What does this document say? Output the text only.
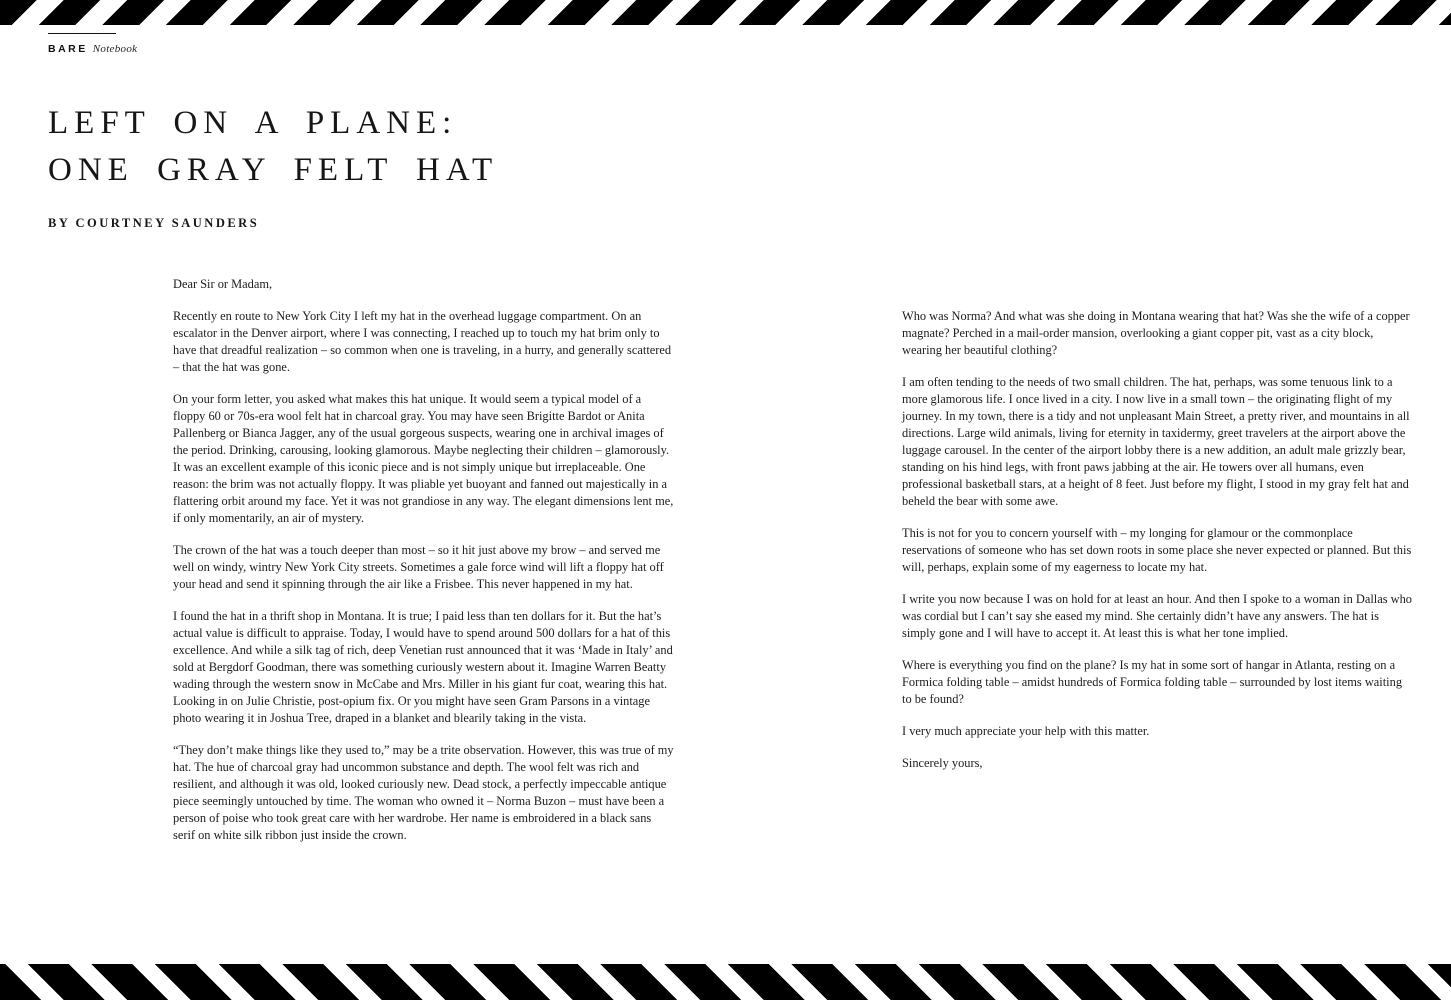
BARE Notebook
LEFT ON A PLANE:
ONE GRAY FELT HAT
BY COURTNEY SAUNDERS

Dear Sir or Madam,

Recently en route to New York City I left my hat in the overhead luggage compartment. On an escalator in the Denver airport, where I was connecting, I reached up to touch my hat brim only to have that dreadful realization – so common when one is traveling, in a hurry, and generally scattered – that the hat was gone.

On your form letter, you asked what makes this hat unique. It would seem a typical model of a floppy 60 or 70s-era wool felt hat in charcoal gray. You may have seen Brigitte Bardot or Anita Pallenberg or Bianca Jagger, any of the usual gorgeous suspects, wearing one in archival images of the period. Drinking, carousing, looking glamorous. Maybe neglecting their children – glamorously. It was an excellent example of this iconic piece and is not simply unique but irreplaceable. One reason: the brim was not actually floppy. It was pliable yet buoyant and fanned out majestically in a flattering orbit around my face. Yet it was not grandiose in any way. The elegant dimensions lent me, if only momentarily, an air of mystery.

The crown of the hat was a touch deeper than most – so it hit just above my brow – and served me well on windy, wintry New York City streets. Sometimes a gale force wind will lift a floppy hat off your head and send it spinning through the air like a Frisbee. This never happened in my hat.

I found the hat in a thrift shop in Montana. It is true; I paid less than ten dollars for it. But the hat’s actual value is difficult to appraise. Today, I would have to spend around 500 dollars for a hat of this excellence. And while a silk tag of rich, deep Venetian rust announced that it was ‘Made in Italy’ and sold at Bergdorf Goodman, there was something curiously western about it. Imagine Warren Beatty wading through the western snow in McCabe and Mrs. Miller in his giant fur coat, wearing this hat. Looking in on Julie Christie, post-opium fix. Or you might have seen Gram Parsons in a vintage photo wearing it in Joshua Tree, draped in a blanket and blearily taking in the vista.

“They don’t make things like they used to,” may be a trite observation. However, this was true of my hat. The hue of charcoal gray had uncommon substance and depth. The wool felt was rich and resilient, and although it was old, looked curiously new. Dead stock, a perfectly impeccable antique piece seemingly untouched by time. The woman who owned it – Norma Buzon – must have been a person of poise who took great care with her wardrobe. Her name is embroidered in a black sans serif on white silk ribbon just inside the crown.

Who was Norma? And what was she doing in Montana wearing that hat? Was she the wife of a copper magnate? Perched in a mail-order mansion, overlooking a giant copper pit, vast as a city block, wearing her beautiful clothing?

I am often tending to the needs of two small children. The hat, perhaps, was some tenuous link to a more glamorous life. I once lived in a city. I now live in a small town – the originating flight of my journey. In my town, there is a tidy and not unpleasant Main Street, a pretty river, and mountains in all directions. Large wild animals, living for eternity in taxidermy, greet travelers at the airport above the luggage carousel. In the center of the airport lobby there is a new addition, an adult male grizzly bear, standing on his hind legs, with front paws jabbing at the air. He towers over all humans, even professional basketball stars, at a height of 8 feet. Just before my flight, I stood in my gray felt hat and beheld the bear with some awe.

This is not for you to concern yourself with – my longing for glamour or the commonplace reservations of someone who has set down roots in some place she never expected or planned. But this will, perhaps, explain some of my eagerness to locate my hat.

I write you now because I was on hold for at least an hour. And then I spoke to a woman in Dallas who was cordial but I can’t say she eased my mind. She certainly didn’t have any answers. The hat is simply gone and I will have to accept it. At least this is what her tone implied.

Where is everything you find on the plane? Is my hat in some sort of hangar in Atlanta, resting on a Formica folding table – amidst hundreds of Formica folding table – surrounded by lost items waiting to be found?

I very much appreciate your help with this matter.

Sincerely yours,
